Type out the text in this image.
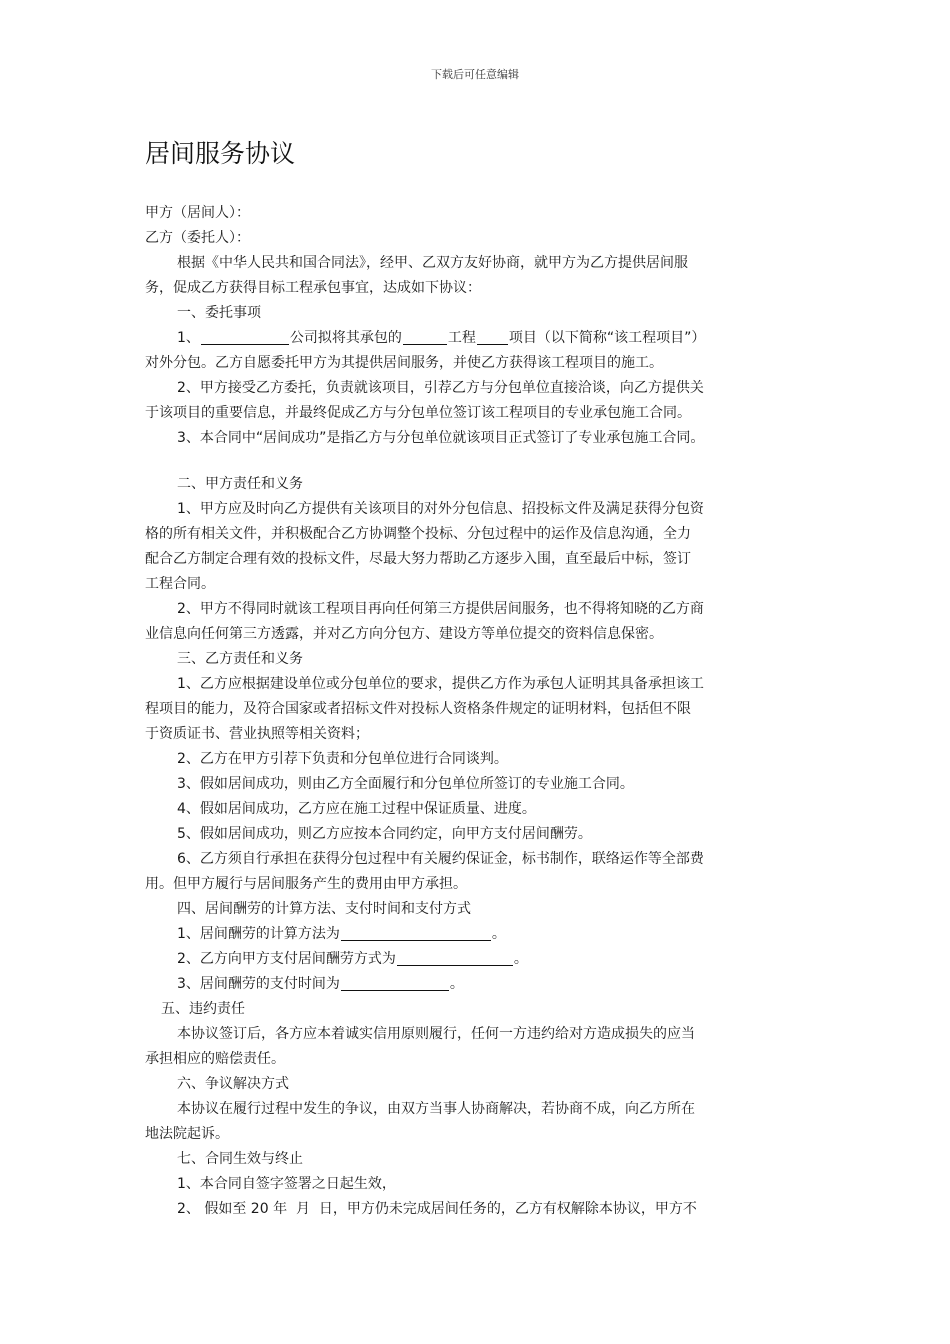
下载后可任意编辑
居间服务协议
甲方（居间人）：
乙方（委托人）：
根据《中华人民共和国合同法》，经甲、乙双方友好协商，就甲方为乙方提供居间服
务，促成乙方获得目标工程承包事宜，达成如下协议：
一、委托事项
1、	公司拟将其承包的	工程 项目（以下简称“该工程项目”）
对外分包。乙方自愿委托甲方为其提供居间服务，并使乙方获得该工程项目的施工。
2、甲方接受乙方委托，负责就该项目，引荐乙方与分包单位直接洽谈，向乙方提供关
于该项目的重要信息，并最终促成乙方与分包单位签订该工程项目的专业承包施工合同。
3、本合同中“居间成功”是指乙方与分包单位就该项目正式签订了专业承包施工合同。
二、甲方责任和义务
1、甲方应及时向乙方提供有关该项目的对外分包信息、招投标文件及满足获得分包资
格的所有相关文件，并积极配合乙方协调整个投标、分包过程中的运作及信息沟通，全力
配合乙方制定合理有效的投标文件，尽最大努力帮助乙方逐步入围，直至最后中标，签订
工程合同。
2、甲方不得同时就该工程项目再向任何第三方提供居间服务，也不得将知晓的乙方商
业信息向任何第三方透露，并对乙方向分包方、建设方等单位提交的资料信息保密。
三、乙方责任和义务
1、乙方应根据建设单位或分包单位的要求，提供乙方作为承包人证明其具备承担该工
程项目的能力，及符合国家或者招标文件对投标人资格条件规定的证明材料，包括但不限
于资质证书、营业执照等相关资料；
2、乙方在甲方引荐下负责和分包单位进行合同谈判。
3、假如居间成功，则由乙方全面履行和分包单位所签订的专业施工合同。
4、假如居间成功，乙方应在施工过程中保证质量、进度。
5、假如居间成功，则乙方应按本合同约定，向甲方支付居间酬劳。
6、乙方须自行承担在获得分包过程中有关履约保证金，标书制作，联络运作等全部费
用。但甲方履行与居间服务产生的费用由甲方承担。
四、居间酬劳的计算方法、支付时间和支付方式
1、居间酬劳的计算方法为	。
2、乙方向甲方支付居间酬劳方式为	。
3、居间酬劳的支付时间为	。
五、违约责任
本协议签订后，各方应本着诚实信用原则履行，任何一方违约给对方造成损失的应当
承担相应的赔偿责任。
六、争议解决方式
本协议在履行过程中发生的争议，由双方当事人协商解决，若协商不成，向乙方所在
地法院起诉。
七、合同生效与终止
1、本合同自签字签署之日起生效，
2、 假如至 20 年  月  日，甲方仍未完成居间任务的，乙方有权解除本协议，甲方不
